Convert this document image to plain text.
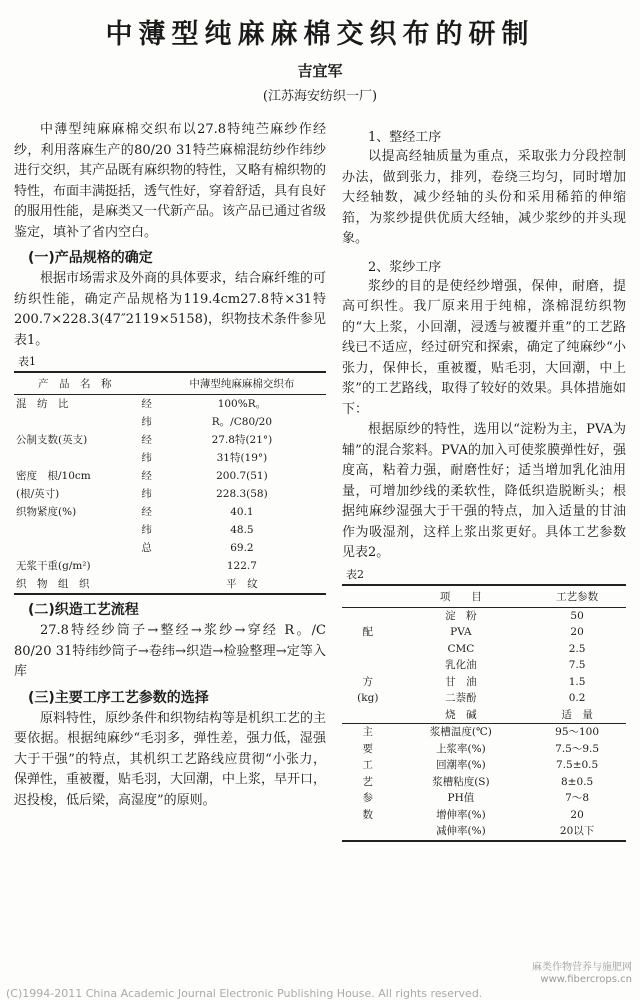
中薄型纯麻麻棉交织布的研制
吉宜军
(江苏海安纺织一厂)

中薄型纯麻麻棉交织布以27.8特纯苎麻纱作经纱，利用落麻生产的80/20 31特苎麻棉混纺纱作纬纱进行交织，其产品既有麻织物的特性，又略有棉织物的特性，布面丰满挺括，透气性好，穿着舒适，具有良好的服用性能，是麻类又一代新产品。该产品已通过省级鉴定，填补了省内空白。

(一)产品规格的确定

根据市场需求及外商的具体要求，结合麻纤维的可纺织性能，确定产品规格为119.4cm27.8特×31特200.7×228.3(47″2119×5158)，织物技术条件参见表1。

表1
产　品　名　称		中薄型纯麻麻棉交织布
混　纺　比	经	100%R。
	纬	R。/C80/20
公制支数(英支)	经	27.8特(21°)
	纬	31特(19°)
密度　根/10cm	经	200.7(51)
(根/英寸)	纬	228.3(58)
织物紧度(%)	经	40.1
	纬	48.5
	总	69.2
无浆干重(g/m²)		122.7
织　物　组　织		平　纹
(二)织造工艺流程

27.8特经纱筒子→整经→浆纱→穿经 R。/C 80/20 31特纬纱筒子→卷纬→织造→检验整理→定等入库

(三)主要工序工艺参数的选择

原料特性，原纱条件和织物结构等是机织工艺的主要依据。根据纯麻纱“毛羽多，弹性差，强力低，湿强大于干强”的特点，其机织工艺路线应贯彻“小张力，保弹性，重被覆，贴毛羽，大回潮，中上浆，早开口，迟投梭，低后梁，高湿度”的原则。

1、整经工序

以提高经轴质量为重点，采取张力分段控制办法，做到张力，排列，卷绕三均匀，同时增加大经轴数，减少经轴的头份和采用稀筘的伸缩筘，为浆纱提供优质大经轴，减少浆纱的并头现象。

2、浆纱工序

浆纱的目的是使经纱增强，保伸，耐磨，提高可织性。我厂原来用于纯棉，涤棉混纺织物的“大上浆，小回潮，浸透与被覆并重”的工艺路线已不适应，经过研究和探索，确定了纯麻纱“小张力，保伸长，重被覆，贴毛羽，大回潮，中上浆”的工艺路线，取得了较好的效果。具体措施如下：

根据原纱的特性，选用以“淀粉为主，PVA为辅”的混合浆料。PVA的加入可使浆膜弹性好，强度高，粘着力强，耐磨性好；适当增加乳化油用量，可增加纱线的柔软性，降低织造脱断头；根据纯麻纱湿强大于干强的特点，加入适量的甘油作为吸湿剂，这样上浆出浆更好。具体工艺参数见表2。

表2
	项　　目	工艺参数
	淀　粉	50
配	PVA	20
	CMC	2.5
	乳化油	7.5
方	甘　油	1.5
(kg)	二萘酚	0.2
	烧　碱	适　量
主	浆槽温度(℃)	95～100
要	上浆率(%)	7.5～9.5
工	回潮率(%)	7.5±0.5
艺	浆槽粘度(S)	8±0.5
参	PH值	7～8
数	增伸率(%)	20
	减伸率(%)	20以下
麻类作物营养与施肥网
www.fibercrops.cn
(C)1994-2011 China Academic Journal Electronic Publishing House. All rights reserved.
